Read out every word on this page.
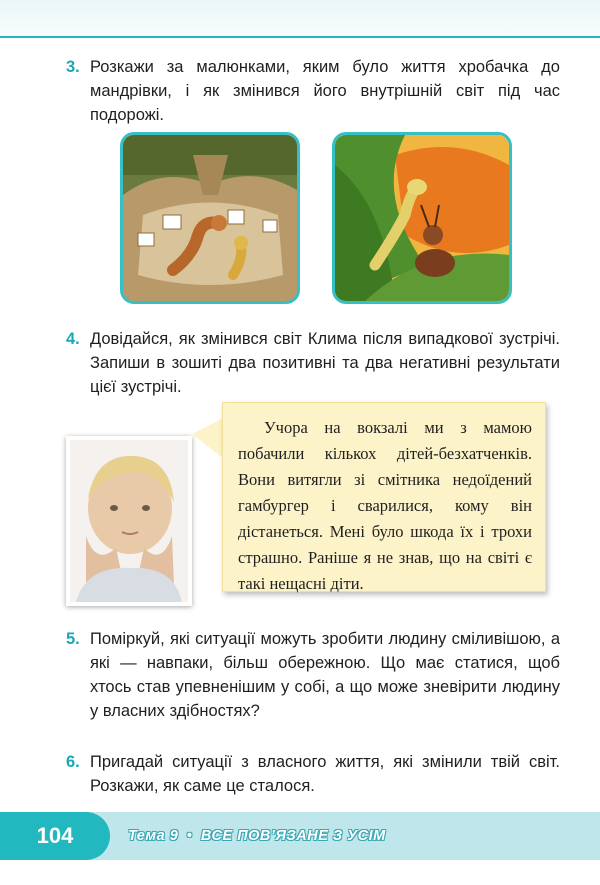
3. Розкажи за малюнками, яким було життя хробачка до мандрівки, і як змінився його внутрішній світ під час подорожі.
4. Довідайся, як змінився світ Клима після випадкової зустрічі. Запиши в зошиті два позитивні та два негативні результати цієї зустрічі.
Учора на вокзалі ми з мамою побачили кількох дітей-безхатченків. Вони витягли зі смітника недоїдений гамбургер і сварилися, кому він дістанеться. Мені було шкода їх і трохи страшно. Раніше я не знав, що на світі є такі нещасні діти.
5. Поміркуй, які ситуації можуть зробити людину сміливішою, а які — навпаки, більш обережною. Що має статися, щоб хтось став упевненішим у собі, а що може зневірити людину у власних здібностях?
6. Пригадай ситуації з власного життя, які змінили твій світ. Розкажи, як саме це сталося.
104	Тема 9 • ВСЕ ПОВ’ЯЗАНЕ З УСІМ
